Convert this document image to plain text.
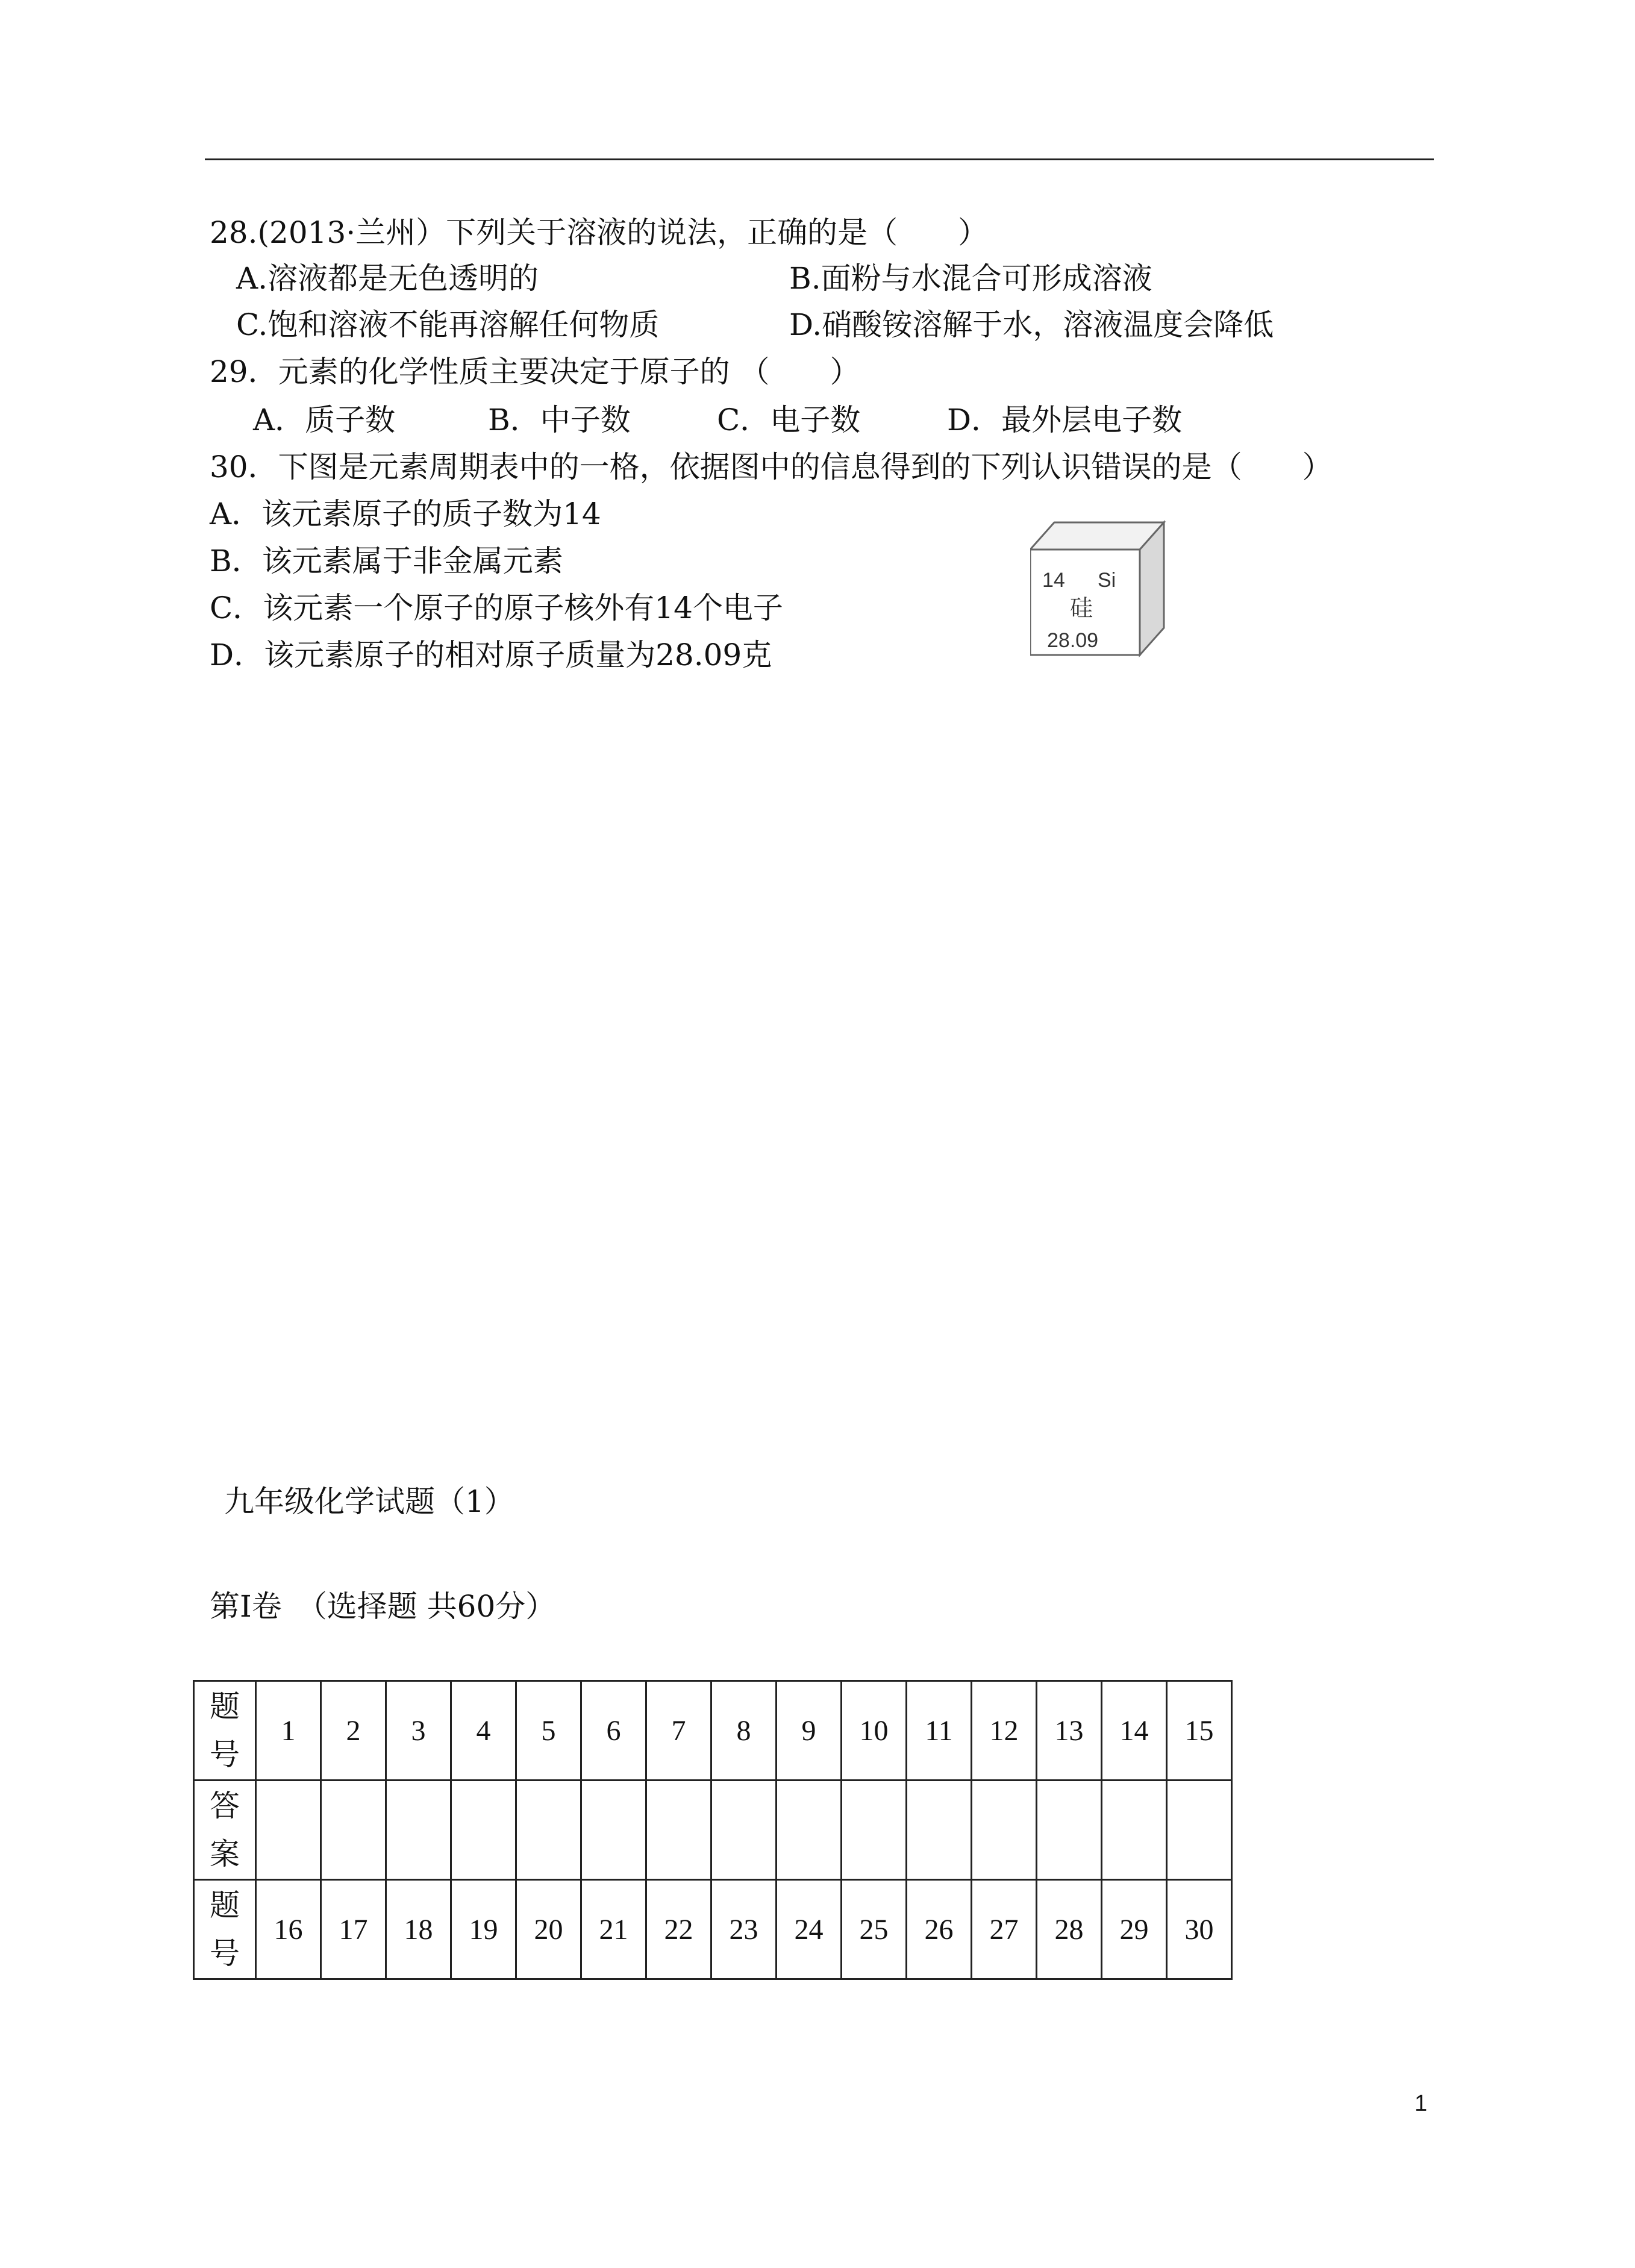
28.(2013·兰州）下列关于溶液的说法，正确的是（　　）
A.溶液都是无色透明的	B.面粉与水混合可形成溶液
C.饱和溶液不能再溶解任何物质	D.硝酸铵溶解于水，溶液温度会降低
29．元素的化学性质主要决定于原子的 （　　）
A．质子数	B．中子数	C．电子数	D．最外层电子数
30．下图是元素周期表中的一格，依据图中的信息得到的下列认识错误的是（　　）
A．该元素原子的质子数为14
B．该元素属于非金属元素
C．该元素一个原子的原子核外有14个电子
D．该元素原子的相对原子质量为28.09克
14 Si
硅
28.09
九年级化学试题（1）
第Ⅰ卷　（选择题 共60分）
题
号	1	2	3	4	5	6	7	8	9	10	11	12	13	14	15

答
案															

题
号	16	17	18	19	20	21	22	23	24	25	26	27	28	29	30
1
